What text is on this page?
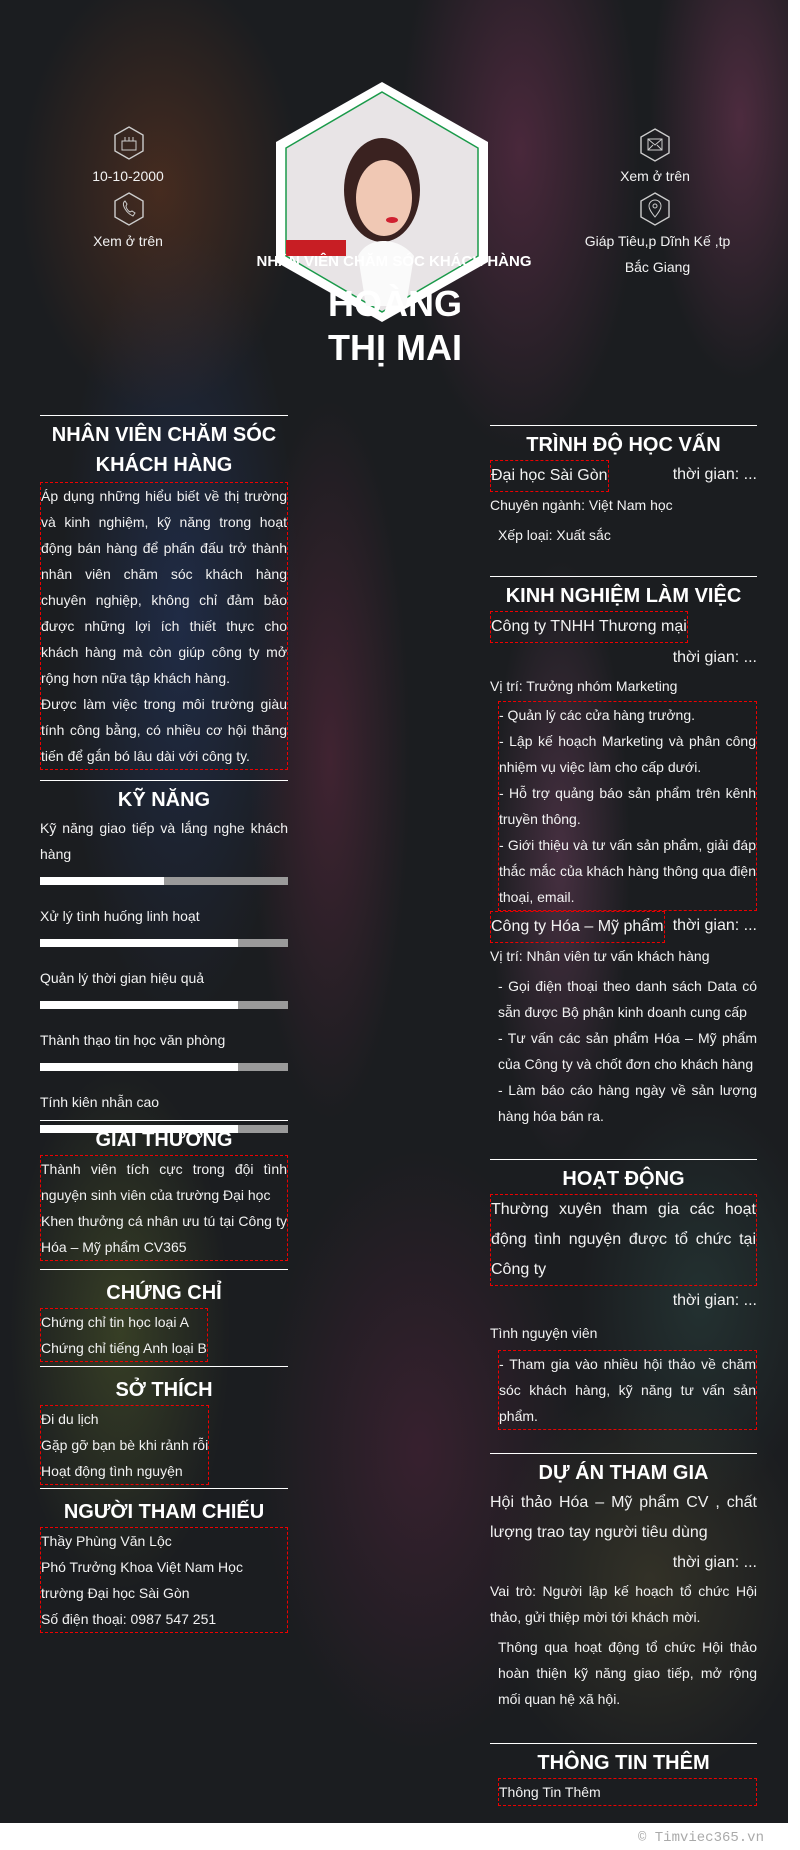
10-10-2000
Xem ở trên
Xem ở trên
Giáp Tiêu,p Dĩnh Kế ,tp Bắc Giang
NHÂN VIÊN CHĂM SÓC KHÁCH HÀNG
HOÀNG
THỊ MAI
NHÂN VIÊN CHĂM SÓC KHÁCH HÀNG
Áp dụng những hiểu biết về thị trường và kinh nghiệm, kỹ năng trong hoạt động bán hàng để phấn đấu trở thành nhân viên chăm sóc khách hàng chuyên nghiệp, không chỉ đảm bảo được những lợi ích thiết thực cho khách hàng mà còn giúp công ty mở rộng hơn nữa tập khách hàng.
Được làm việc trong môi trường giàu tính công bằng, có nhiều cơ hội thăng tiến để gắn bó lâu dài với công ty.
KỸ NĂNG
Kỹ năng giao tiếp và lắng nghe khách hàng
Xử lý tình huống linh hoạt
Quản lý thời gian hiệu quả
Thành thạo tin học văn phòng
Tính kiên nhẫn cao
GIẢI THƯỞNG
Thành viên tích cực trong đội tình nguyện sinh viên của trường Đại học
Khen thưởng cá nhân ưu tú tại Công ty Hóa – Mỹ phẩm CV365
CHỨNG CHỈ
Chứng chỉ tin học loại A
Chứng chỉ tiếng Anh loại B
SỞ THÍCH
Đi du lịch
Gặp gỡ bạn bè khi rảnh rỗi
Hoạt động tình nguyện
NGƯỜI THAM CHIẾU
Thầy Phùng Văn Lộc
Phó Trưởng Khoa Việt Nam Học trường Đại học Sài Gòn
Số điện thoại: 0987 547 251
TRÌNH ĐỘ HỌC VẤN
Đại học Sài Gòn	thời gian: ...
Chuyên ngành: Việt Nam học
Xếp loại: Xuất sắc
KINH NGHIỆM LÀM VIỆC
Công ty TNHH Thương mại
thời gian: ...
Vị trí: Trưởng nhóm Marketing
- Quản lý các cửa hàng trưởng.
- Lập kế hoạch Marketing và phân công nhiệm vụ việc làm cho cấp dưới.
- Hỗ trợ quảng báo sản phẩm trên kênh truyền thông.
- Giới thiệu và tư vấn sản phẩm, giải đáp thắc mắc của khách hàng thông qua điện thoại, email.
Công ty Hóa – Mỹ phẩm thời gian: ...
Vị trí: Nhân viên tư vấn khách hàng
- Gọi điện thoại theo danh sách Data có sẵn được Bộ phận kinh doanh cung cấp
- Tư vấn các sản phẩm Hóa – Mỹ phẩm của Công ty và chốt đơn cho khách hàng
- Làm báo cáo hàng ngày về sản lượng hàng hóa bán ra.
HOẠT ĐỘNG
Thường xuyên tham gia các hoạt động tình nguyện được tổ chức tại Công ty
thời gian: ...
Tình nguyện viên
- Tham gia vào nhiều hội thảo về chăm sóc khách hàng, kỹ năng tư vấn sản phẩm.
DỰ ÁN THAM GIA
Hội thảo Hóa – Mỹ phẩm CV , chất lượng trao tay người tiêu dùng
thời gian: ...
Vai trò: Người lập kế hoạch tổ chức Hội thảo, gửi thiệp mời tới khách mời.
Thông qua hoạt động tổ chức Hội thảo hoàn thiện kỹ năng giao tiếp, mở rộng mối quan hệ xã hội.
THÔNG TIN THÊM
Thông Tin Thêm
© Timviec365.vn
